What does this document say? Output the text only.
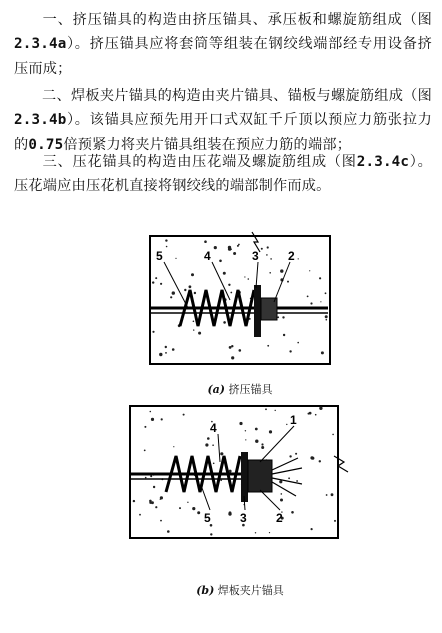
一、挤压锚具的构造由挤压锚具、承压板和螺旋筋组成（图2.3.4a）。挤压锚具应将套筒等组装在钢绞线端部经专用设备挤压而成；
二、焊板夹片锚具的构造由夹片锚具、锚板与螺旋筋组成（图2.3.4b）。该锚具应预先用开口式双缸千斤顶以预应力筋张拉力的0.75倍预紧力将夹片锚具组装在预应力筋的端部；
三、压花锚具的构造由压花端及螺旋筋组成（图2.3.4c）。压花端应由压花机直接将钢绞线的端部制作而成。
5	4	3 2
(a) 挤压锚具
4
1
5 3 2
(b) 焊板夹片锚具
